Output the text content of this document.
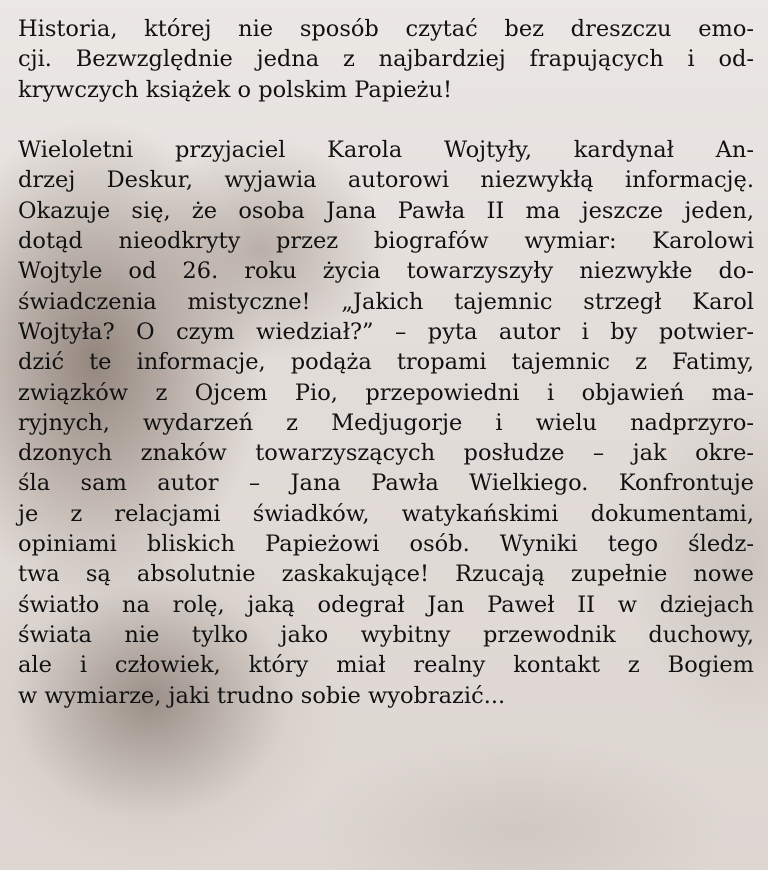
Historia, której nie sposób czytać bez dreszczu emo-
cji. Bezwzględnie jedna z najbardziej frapujących i od-
krywczych książek o polskim Papieżu!
Wieloletni przyjaciel Karola Wojtyły, kardynał An-
drzej Deskur, wyjawia autorowi niezwykłą informację.
Okazuje się, że osoba Jana Pawła II ma jeszcze jeden,
dotąd nieodkryty przez biografów wymiar: Karolowi
Wojtyle od 26. roku życia towarzyszyły niezwykłe do-
świadczenia mistyczne! „Jakich tajemnic strzegł Karol
Wojtyła? O czym wiedział?” – pyta autor i by potwier-
dzić te informacje, podąża tropami tajemnic z Fatimy,
związków z Ojcem Pio, przepowiedni i objawień ma-
ryjnych, wydarzeń z Medjugorje i wielu nadprzyro-
dzonych znaków towarzyszących posłudze – jak okre-
śla sam autor – Jana Pawła Wielkiego. Konfrontuje
je z relacjami świadków, watykańskimi dokumentami,
opiniami bliskich Papieżowi osób. Wyniki tego śledz-
twa są absolutnie zaskakujące! Rzucają zupełnie nowe
światło na rolę, jaką odegrał Jan Paweł II w dziejach
świata nie tylko jako wybitny przewodnik duchowy,
ale i człowiek, który miał realny kontakt z Bogiem
w wymiarze, jaki trudno sobie wyobrazić...
